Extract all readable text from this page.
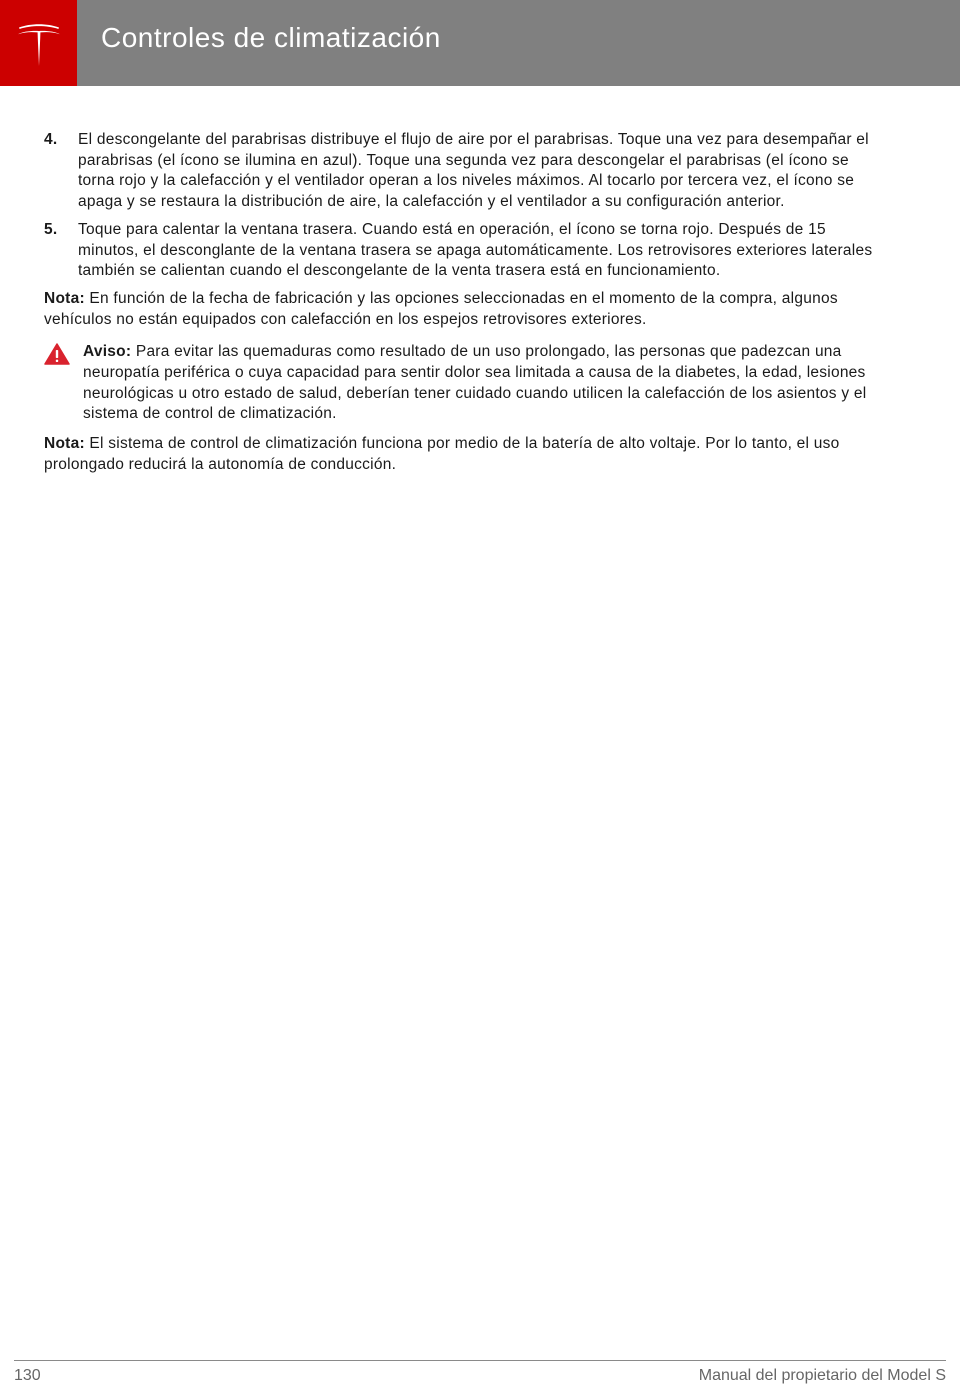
Controles de climatización
4.	El descongelante del parabrisas distribuye el flujo de aire por el parabrisas. Toque una vez para desempañar el parabrisas (el ícono se ilumina en azul). Toque una segunda vez para descongelar el parabrisas (el ícono se torna rojo y la calefacción y el ventilador operan a los niveles máximos. Al tocarlo por tercera vez, el ícono se apaga y se restaura la distribución de aire, la calefacción y el ventilador a su configuración anterior.
5.	Toque para calentar la ventana trasera. Cuando está en operación, el ícono se torna rojo. Después de 15 minutos, el desconglante de la ventana trasera se apaga automáticamente. Los retrovisores exteriores laterales también se calientan cuando el descongelante de la venta trasera está en funcionamiento.

Nota: En función de la fecha de fabricación y las opciones seleccionadas en el momento de la compra, algunos vehículos no están equipados con calefacción en los espejos retrovisores exteriores.

Aviso: Para evitar las quemaduras como resultado de un uso prolongado, las personas que padezcan una neuropatía periférica o cuya capacidad para sentir dolor sea limitada a causa de la diabetes, la edad, lesiones neurológicas u otro estado de salud, deberían tener cuidado cuando utilicen la calefacción de los asientos y el sistema de control de climatización.

Nota: El sistema de control de climatización funciona por medio de la batería de alto voltaje. Por lo tanto, el uso prolongado reducirá la autonomía de conducción.

130	Manual del propietario del Model S
